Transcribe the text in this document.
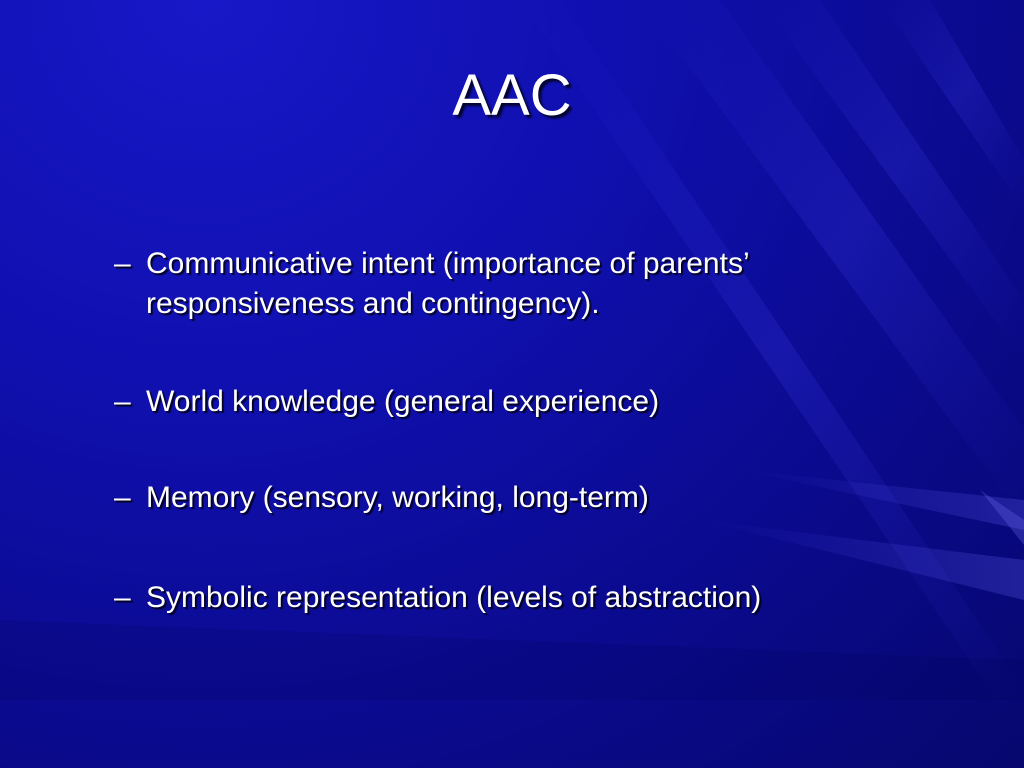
AAC
– Communicative intent (importance of parents’ responsiveness and contingency).
– World knowledge (general experience)
– Memory (sensory, working, long-term)
– Symbolic representation (levels of abstraction)
